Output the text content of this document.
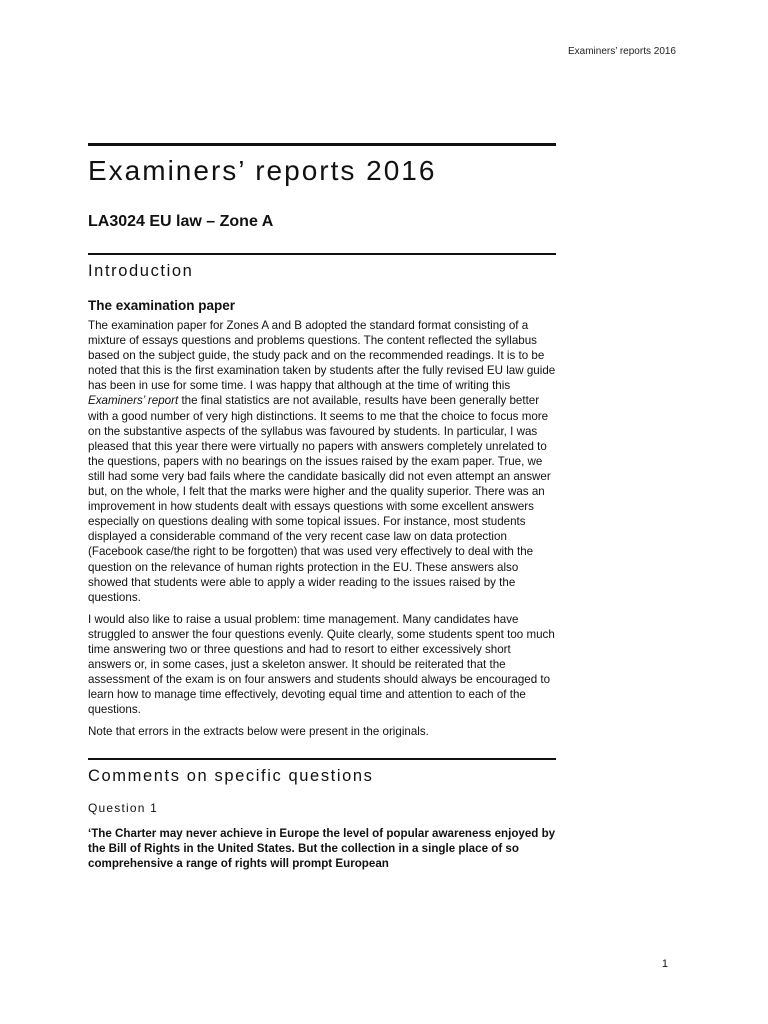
Examiners’ reports 2016
Examiners’ reports 2016
LA3024 EU law – Zone A
Introduction
The examination paper

The examination paper for Zones A and B adopted the standard format consisting of a mixture of essays questions and problems questions. The content reflected the syllabus based on the subject guide, the study pack and on the recommended readings. It is to be noted that this is the first examination taken by students after the fully revised EU law guide has been in use for some time. I was happy that although at the time of writing this Examiners’ report the final statistics are not available, results have been generally better with a good number of very high distinctions. It seems to me that the choice to focus more on the substantive aspects of the syllabus was favoured by students. In particular, I was pleased that this year there were virtually no papers with answers completely unrelated to the questions, papers with no bearings on the issues raised by the exam paper. True, we still had some very bad fails where the candidate basically did not even attempt an answer but, on the whole, I felt that the marks were higher and the quality superior. There was an improvement in how students dealt with essays questions with some excellent answers especially on questions dealing with some topical issues. For instance, most students displayed a considerable command of the very recent case law on data protection (Facebook case/the right to be forgotten) that was used very effectively to deal with the question on the relevance of human rights protection in the EU. These answers also showed that students were able to apply a wider reading to the issues raised by the questions.

I would also like to raise a usual problem: time management. Many candidates have struggled to answer the four questions evenly. Quite clearly, some students spent too much time answering two or three questions and had to resort to either excessively short answers or, in some cases, just a skeleton answer. It should be reiterated that the assessment of the exam is on four answers and students should always be encouraged to learn how to manage time effectively, devoting equal time and attention to each of the questions.

Note that errors in the extracts below were present in the originals.

Comments on specific questions
Question 1

‘The Charter may never achieve in Europe the level of popular awareness enjoyed by the Bill of Rights in the United States. But the collection in a single place of so comprehensive a range of rights will prompt European

1
